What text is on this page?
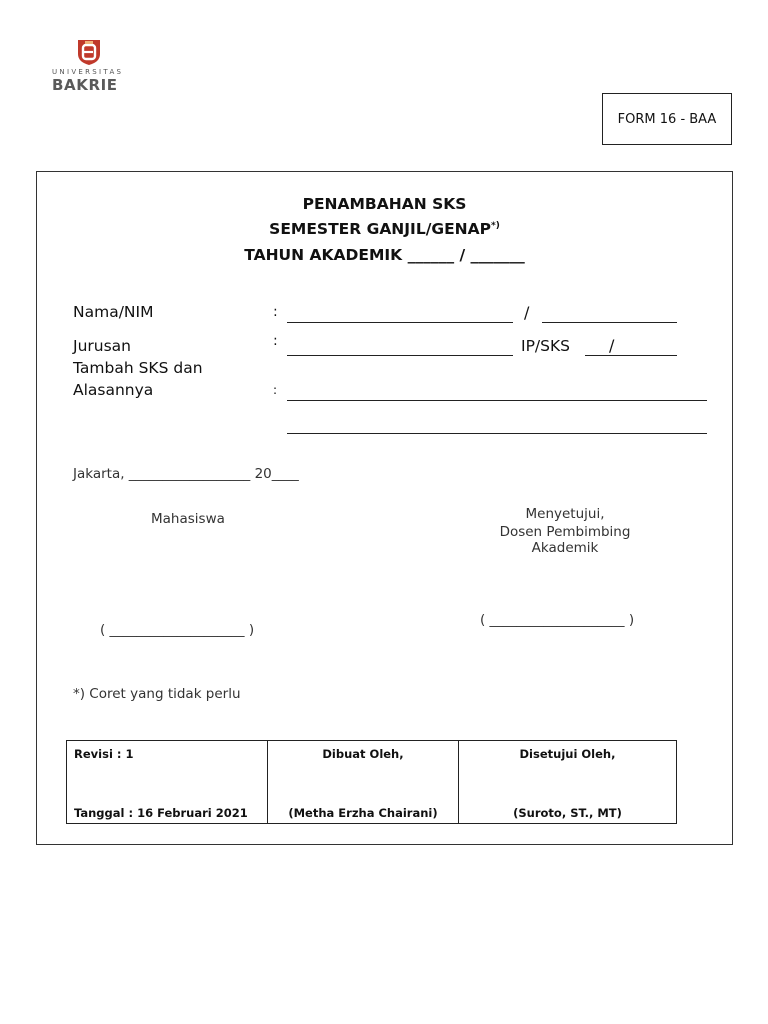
UNIVERSITAS
BAKRIE
FORM 16 - BAA
PENAMBAHAN SKS
SEMESTER GANJIL/GENAP*)
TAHUN AKADEMIK ______ / _______
Nama/NIM	:	/
Jurusan	:	IP/SKS /
Tambah SKS dan
Alasannya	:
Jakarta, __________________ 20____
Mahasiswa	Menyetujui,
Dosen Pembimbing Akademik
( ____________________ )
( ____________________ )
*) Coret yang tidak perlu
Revisi : 1
Tanggal : 16 Februari 2021

Dibuat Oleh,
(Metha Erzha Chairani)

Disetujui Oleh,
(Suroto, ST., MT)
